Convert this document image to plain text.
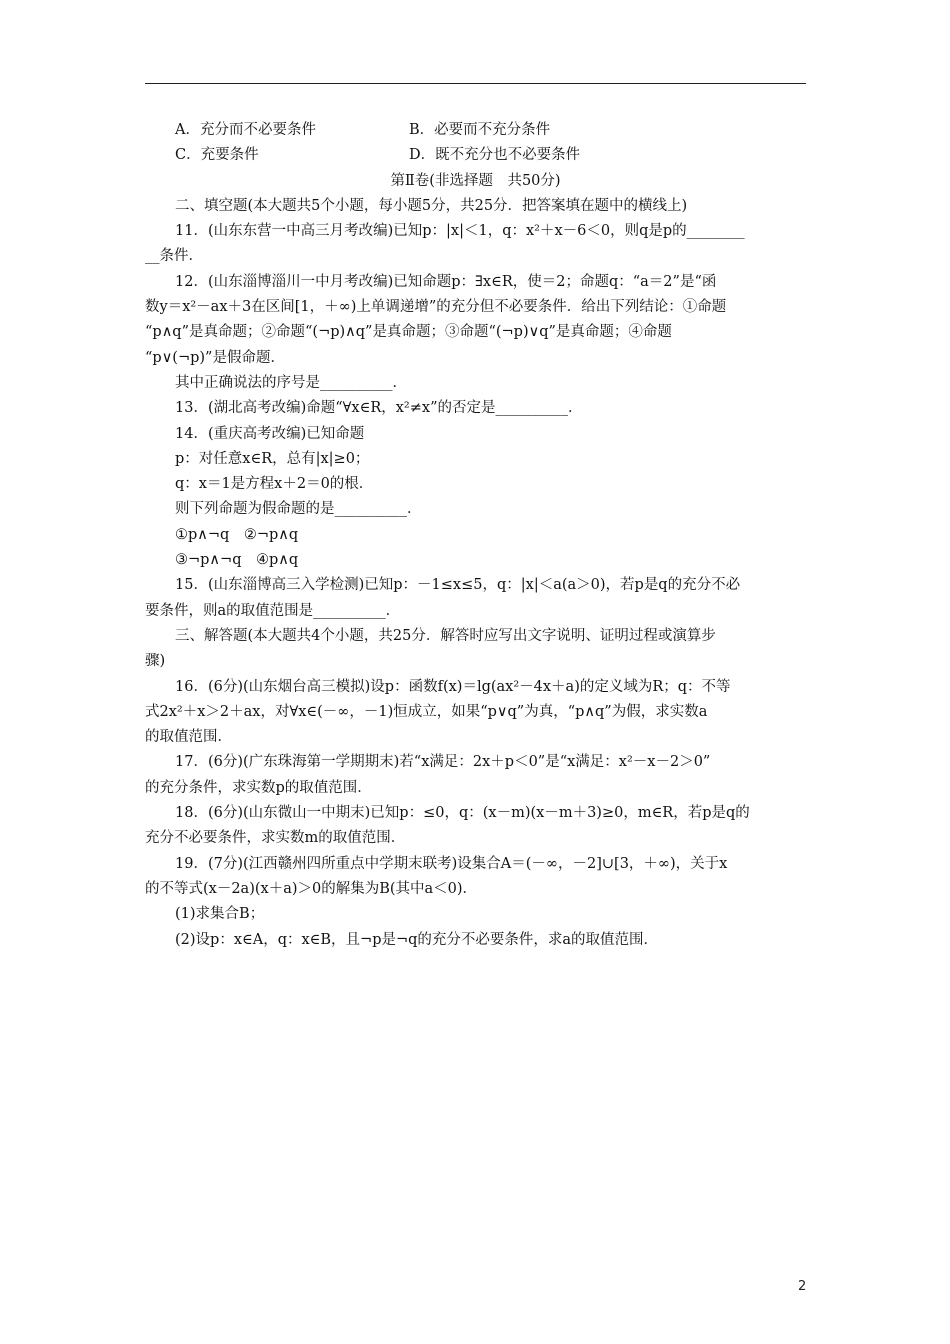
A．充分而不必要条件	B．必要而不充分条件
C．充要条件	D．既不充分也不必要条件
第Ⅱ卷(非选择题　共50分)
二、填空题(本大题共5个小题，每小题5分，共25分．把答案填在题中的横线上)
11．(山东东营一中高三月考改编)已知p：|x|＜1，q：x²＋x－6＜0，则q是p的________
__条件．
12．(山东淄博淄川一中月考改编)已知命题p：∃x∈R，使＝2；命题q：“a＝2”是“函
数y＝x²－ax＋3在区间[1，＋∞)上单调递增”的充分但不必要条件．给出下列结论：①命题
“p∧q”是真命题；②命题“(¬p)∧q”是真命题；③命题“(¬p)∨q”是真命题；④命题
“p∨(¬p)”是假命题．
其中正确说法的序号是__________．
13．(湖北高考改编)命题“∀x∈R，x²≠x”的否定是__________．
14．(重庆高考改编)已知命题
p：对任意x∈R，总有|x|≥0；
q：x＝1是方程x＋2＝0的根．
则下列命题为假命题的是__________．
①p∧¬q　②¬p∧q
③¬p∧¬q　④p∧q
15．(山东淄博高三入学检测)已知p：－1≤x≤5，q：|x|＜a(a＞0)，若p是q的充分不必
要条件，则a的取值范围是__________．
三、解答题(本大题共4个小题，共25分．解答时应写出文字说明、证明过程或演算步
骤)
16．(6分)(山东烟台高三模拟)设p：函数f(x)＝lg(ax²－4x＋a)的定义域为R；q：不等
式2x²＋x＞2＋ax，对∀x∈(－∞，－1)恒成立，如果“p∨q”为真，“p∧q”为假，求实数a
的取值范围．
17．(6分)(广东珠海第一学期期末)若“x满足：2x＋p＜0”是“x满足：x²－x－2＞0”
的充分条件，求实数p的取值范围．
18．(6分)(山东微山一中期末)已知p：≤0，q：(x－m)(x－m＋3)≥0，m∈R，若p是q的
充分不必要条件，求实数m的取值范围．
19．(7分)(江西赣州四所重点中学期末联考)设集合A＝(－∞，－2]∪[3，＋∞)，关于x
的不等式(x－2a)(x＋a)＞0的解集为B(其中a＜0)．
(1)求集合B；
(2)设p：x∈A，q：x∈B，且¬p是¬q的充分不必要条件，求a的取值范围．
2
